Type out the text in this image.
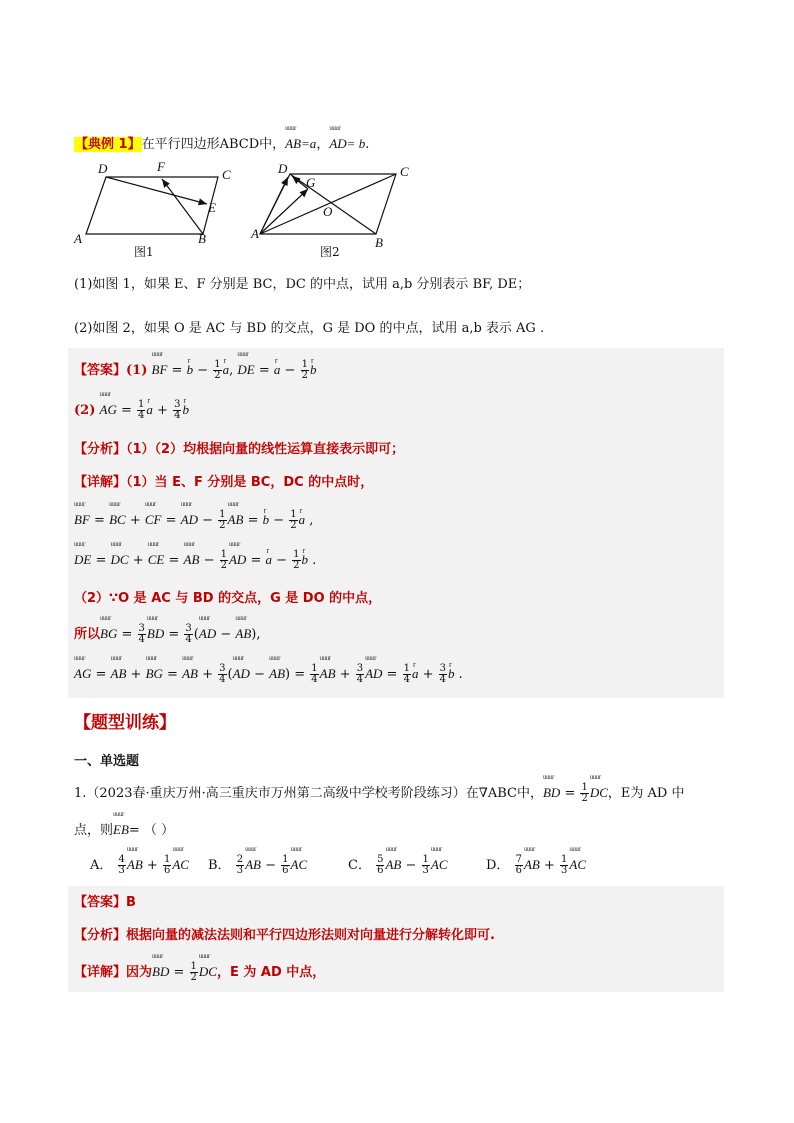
【典例 1】在平行四边形ABCD中，uuur AB=a，uuur AD= b.
A	B
C
D
E
F
图1
A
B
C
D
G
O
图2
(1)如图 1，如果 E、F 分别是 BC，DC 的中点，试用 a,b 分别表示 BF, DE；
(2)如图 2，如果 O 是 AC 与 BD 的交点，G 是 DO 的中点，试用 a,b 表示 AG .
【答案】(1) uuur BF = r $b - \frac{1}{2}$ r a, uuur DE = r $a - \frac{1}{2}$ r b
(2) uuur AG = $\frac{1}{4}$ r $a + \frac{3}{4}$ r b
【分析】（1）（2）均根据向量的线性运算直接表示即可；
【详解】（1）当 E、F 分别是 BC，DC 的中点时，
uuur BF = uuur BC + uuur CF = uuur AD − $\frac{1}{2}$ uuur AB = r $b - \frac{1}{2}$ r a ,
uuur DE = uuur DC + uuur CE = uuur AB − $\frac{1}{2}$ uuur AD = r $a - \frac{1}{2}$ r b .
（2）∵O 是 AC 与 BD 的交点，G 是 DO 的中点，
所以uuur BG = $\frac{3}{4}$ uuur BD = $\frac{3}{4}$ (uuur AD − uuur AB),
uuur AG = uuur AB + uuur BG = uuur AB + $\frac{3}{4}$ (uuur AD − uuur $AB) = \frac{1}{4}$ uuur AB + $\frac{3}{4}$ uuur AD = $\frac{1}{4}$ r $a + \frac{3}{4}$ r b .
【题型训练】
一、单选题
1.（2023春·重庆万州·高三重庆市万州第二高级中学校考阶段练习）在∇ABC中，uuur BD = $\frac{1}{2}$ uuur DC，E为 AD 中
点，则uuur EB= （ ）
A． $\frac{4}{3}$ uuur AB + $\frac{1}{6}$ uuur AC B． $\frac{2}{3}$ uuur AB − $\frac{1}{6}$ uuur AC	C． $\frac{5}{6}$ uuur AB − $\frac{1}{3}$ uuur AC	D． $\frac{7}{6}$ uuur AB + $\frac{1}{3}$ uuur AC
【答案】B
【分析】根据向量的减法法则和平行四边形法则对向量进行分解转化即可.
【详解】因为uuur BD = $\frac{1}{2}$ uuur DC，E 为 AD 中点，
